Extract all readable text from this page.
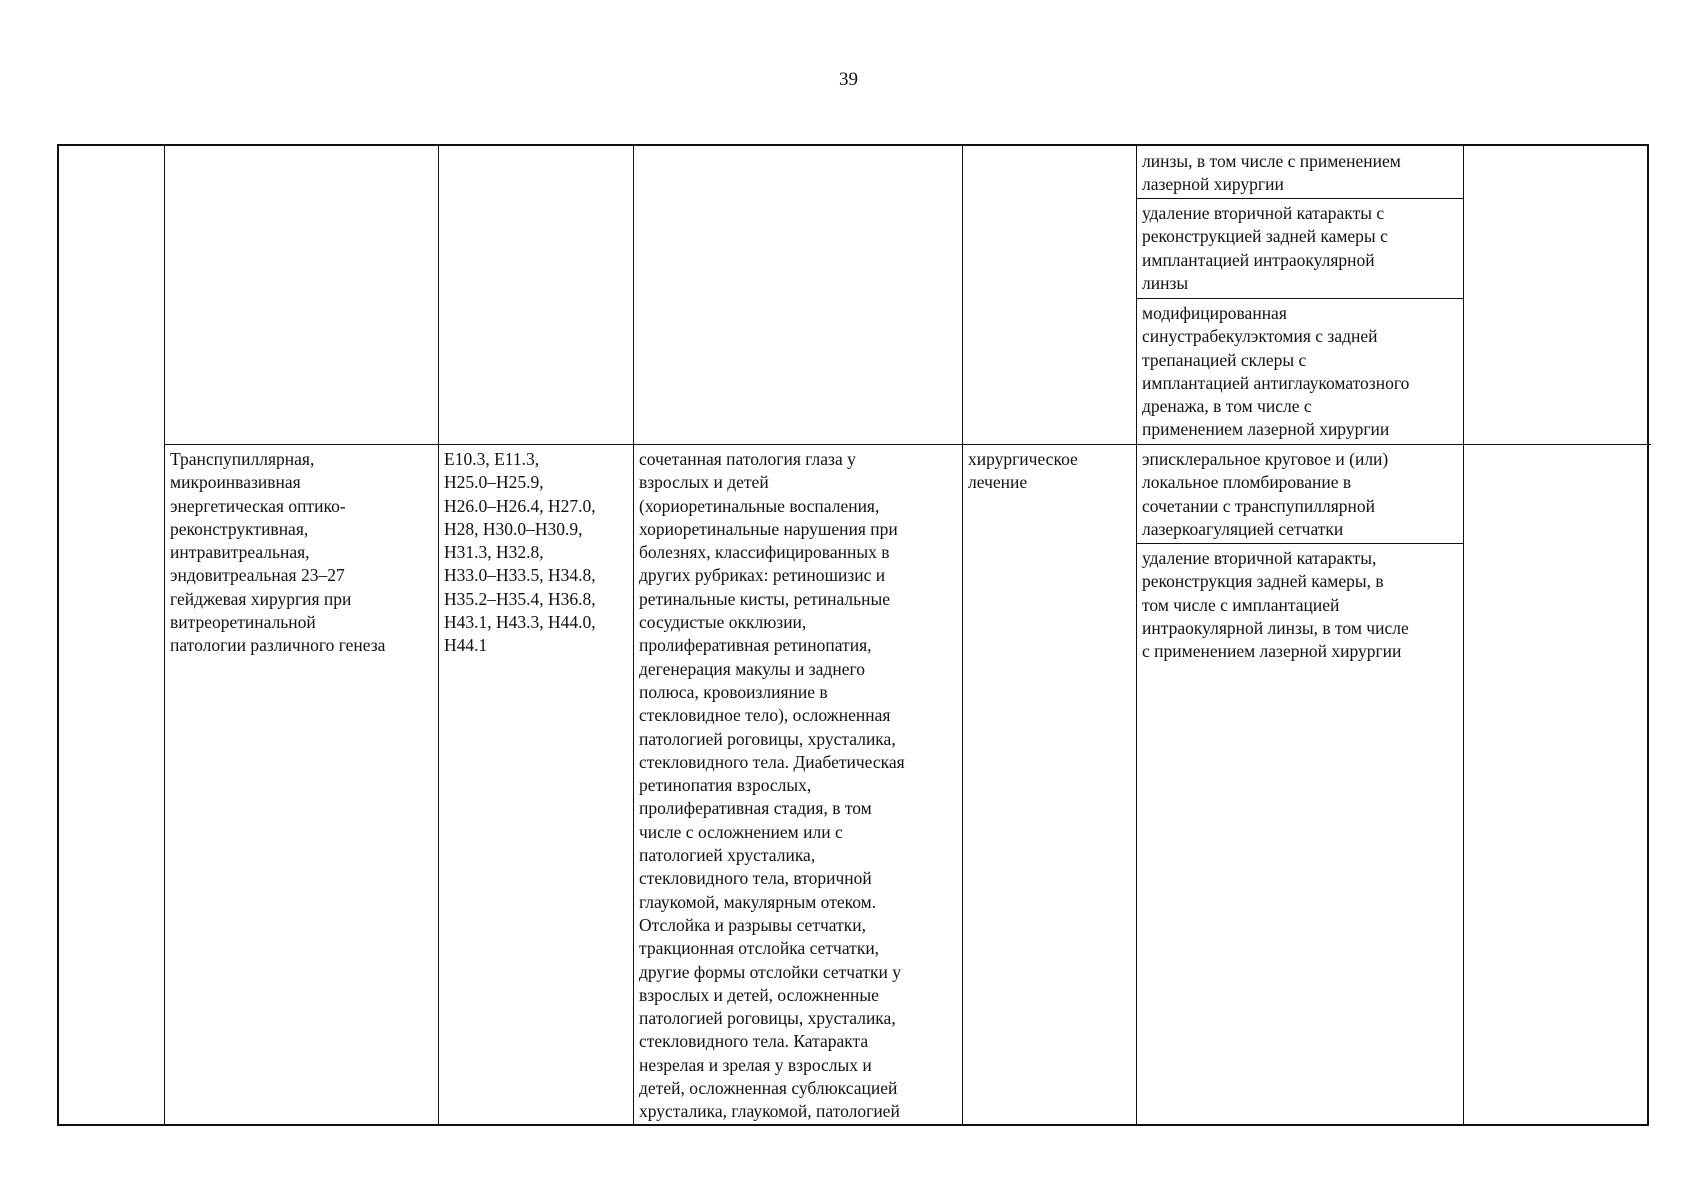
39
линзы, в том числе с применением
лазерной хирургии
удаление вторичной катаракты с
реконструкцией задней камеры с
имплантацией интраокулярной
линзы
модифицированная
синустрабекулэктомия с задней
трепанацией склеры с
имплантацией антиглаукоматозного
дренажа, в том числе с
применением лазерной хирургии
Транспупиллярная,
микроинвазивная
энергетическая оптико-
реконструктивная,
интравитреальная,
эндовитреальная 23–27
гейджевая хирургия при
витреоретинальной
патологии различного генеза
E10.3, E11.3,
H25.0–H25.9,
H26.0–H26.4, H27.0,
H28, H30.0–H30.9,
H31.3, H32.8,
H33.0–H33.5, H34.8,
H35.2–H35.4, H36.8,
H43.1, H43.3, H44.0,
H44.1
сочетанная патология глаза у
взрослых и детей
(хориоретинальные воспаления,
хориоретинальные нарушения при
болезнях, классифицированных в
других рубриках: ретиношизис и
ретинальные кисты, ретинальные
сосудистые окклюзии,
пролиферативная ретинопатия,
дегенерация макулы и заднего
полюса, кровоизлияние в
стекловидное тело), осложненная
патологией роговицы, хрусталика,
стекловидного тела. Диабетическая
ретинопатия взрослых,
пролиферативная стадия, в том
числе с осложнением или с
патологией хрусталика,
стекловидного тела, вторичной
глаукомой, макулярным отеком.
Отслойка и разрывы сетчатки,
тракционная отслойка сетчатки,
другие формы отслойки сетчатки у
взрослых и детей, осложненные
патологией роговицы, хрусталика,
стекловидного тела. Катаракта
незрелая и зрелая у взрослых и
детей, осложненная сублюксацией
хрусталика, глаукомой, патологией
хирургическое
лечение
эписклеральное круговое и (или)
локальное пломбирование в
сочетании с транспупиллярной
лазеркоагуляцией сетчатки
удаление вторичной катаракты,
реконструкция задней камеры, в
том числе с имплантацией
интраокулярной линзы, в том числе
с применением лазерной хирургии
